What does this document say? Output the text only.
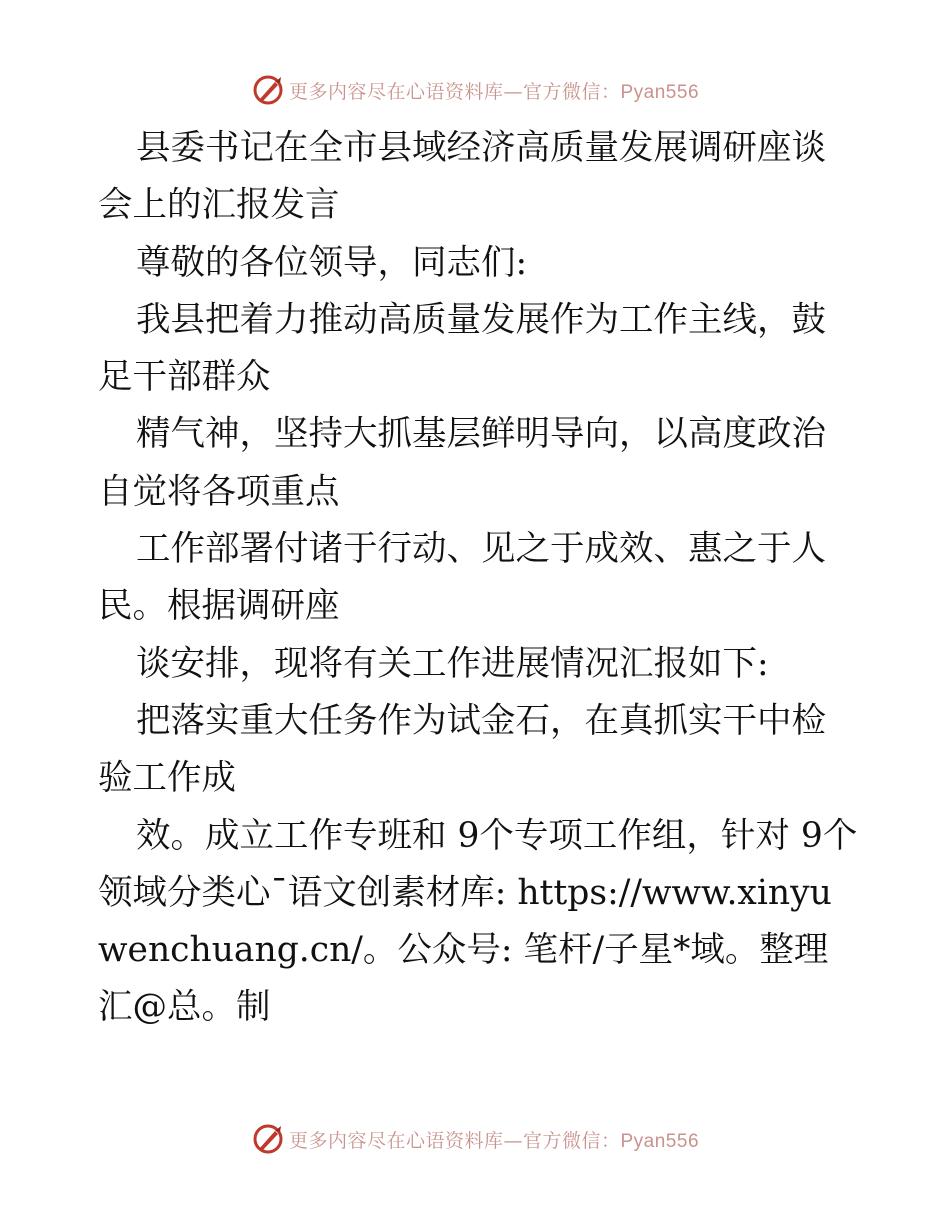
更多内容尽在心语资料库—官方微信：Pyan556

县委书记在全市县域经济高质量发展调研座谈会上的汇报发言

尊敬的各位领导，同志们:

我县把着力推动高质量发展作为工作主线，鼓足干部群众

精气神，坚持大抓基层鲜明导向，以高度政治自觉将各项重点

工作部署付诸于行动、见之于成效、惠之于人民。根据调研座

谈安排，现将有关工作进展情况汇报如下:

把落实重大任务作为试金石，在真抓实干中检验工作成

效。成立工作专班和 9个专项工作组，针对 9个领域分类心¯语文创素材库: https://www.xinyuwenchuang.cn/。公众号: 笔杆/子星*域。整理汇@总。制

更多内容尽在心语资料库—官方微信：Pyan556
